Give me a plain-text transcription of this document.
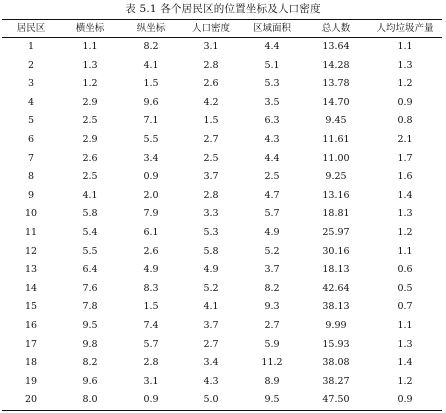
表 5.1 各个居民区的位置坐标及人口密度
居民区	横坐标	纵坐标	人口密度	区域面积	总人数	人均垃圾产量
1	1.1	8.2	3.1	4.4	13.64	1.1
2	1.3	4.1	2.8	5.1	14.28	1.3
3	1.2	1.5	2.6	5.3	13.78	1.2
4	2.9	9.6	4.2	3.5	14.70	0.9
5	2.5	7.1	1.5	6.3	9.45	0.8
6	2.9	5.5	2.7	4.3	11.61	2.1
7	2.6	3.4	2.5	4.4	11.00	1.7
8	2.5	0.9	3.7	2.5	9.25	1.6
9	4.1	2.0	2.8	4.7	13.16	1.4
10	5.8	7.9	3.3	5.7	18.81	1.3
11	5.4	6.1	5.3	4.9	25.97	1.2
12	5.5	2.6	5.8	5.2	30.16	1.1
13	6.4	4.9	4.9	3.7	18.13	0.6
14	7.6	8.3	5.2	8.2	42.64	0.5
15	7.8	1.5	4.1	9.3	38.13	0.7
16	9.5	7.4	3.7	2.7	9.99	1.1
17	9.8	5.7	2.7	5.9	15.93	1.3
18	8.2	2.8	3.4	11.2	38.08	1.4
19	9.6	3.1	4.3	8.9	38.27	1.2
20	8.0	0.9	5.0	9.5	47.50	0.9
